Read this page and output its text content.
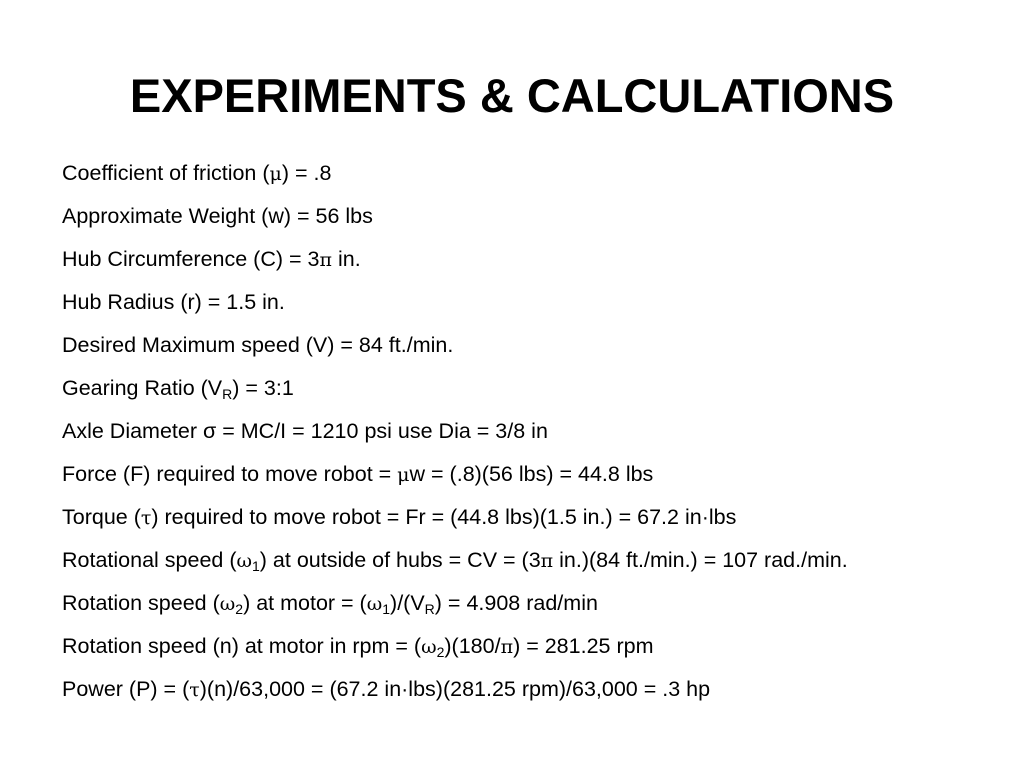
EXPERIMENTS & CALCULATIONS
Coefficient of friction (μ) = .8
Approximate Weight (w) = 56 lbs
Hub Circumference (C) = 3π in.
Hub Radius (r) = 1.5 in.
Desired Maximum speed (V) = 84 ft./min.
Gearing Ratio $(V_R)$ = 3:1
Axle Diameter σ = MC/I = 1210 psi use Dia = 3/8 in
Force (F) required to move robot = μw = (.8)(56 lbs) = 44.8 lbs
Torque (τ) required to move robot = Fr = (44.8 lbs)(1.5 in.) = 67.2 in·lbs
Rotational speed $(\omega_1)$ at outside of hubs = CV = (3π in.)(84 ft./min.) = 107 rad./min.
Rotation speed $(\omega_2)$ at motor = $(\omega_1)/(V_R) = 4.908$ rad/min
Rotation speed (n) at motor in rpm = $(\omega_2)(180/\pi) = 281.25$ rpm
Power (P) = (τ)(n)/63,000 = (67.2 in·lbs)(281.25 rpm)/63,000 = .3 hp
